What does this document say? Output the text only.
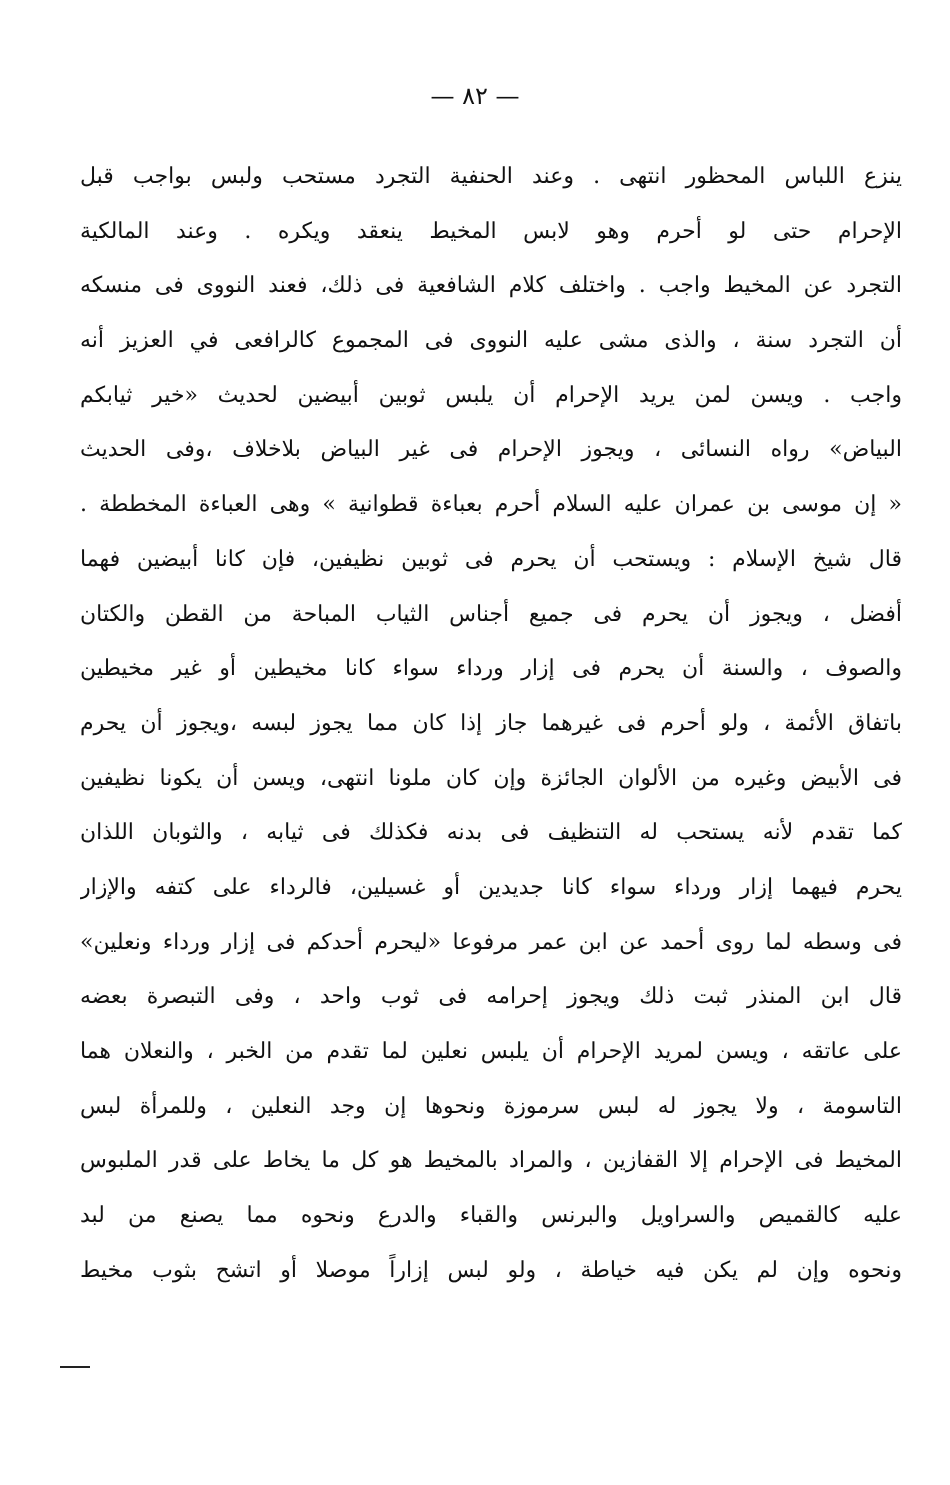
— ٨٢ —
ينزع اللباس المحظور انتهى . وعند الحنفية التجرد مستحب ولبس بواجب قبل
الإحرام حتى لو أحرم وهو لابس المخيط ينعقد ويكره . وعند المالكية
التجرد عن المخيط واجب . واختلف كلام الشافعية فى ذلك، فعند النووى فى منسكه
أن التجرد سنة ، والذى مشى عليه النووى فى المجموع كالرافعى في العزيز أنه
واجب . ويسن لمن يريد الإحرام أن يلبس ثوبين أبيضين لحديث «خير ثيابكم
البياض» رواه النسائى ، ويجوز الإحرام فى غير البياض بلاخلاف ،وفى الحديث
« إن موسى بن عمران عليه السلام أحرم بعباءة قطوانية » وهى العباءة المخططة .
قال شيخ الإسلام : ويستحب أن يحرم فى ثوبين نظيفين، فإن كانا أبيضين فهما
أفضل ، ويجوز أن يحرم فى جميع أجناس الثياب المباحة من القطن والكتان
والصوف ، والسنة أن يحرم فى إزار ورداء سواء كانا مخيطين أو غير مخيطين
باتفاق الأئمة ، ولو أحرم فى غيرهما جاز إذا كان مما يجوز لبسه ،ويجوز أن يحرم
فى الأبيض وغيره من الألوان الجائزة وإن كان ملونا انتهى، ويسن أن يكونا نظيفين
كما تقدم لأنه يستحب له التنظيف فى بدنه فكذلك فى ثيابه ، والثوبان اللذان
يحرم فيهما إزار ورداء سواء كانا جديدين أو غسيلين، فالرداء على كتفه والإزار
فى وسطه لما روى أحمد عن ابن عمر مرفوعا «ليحرم أحدكم فى إزار ورداء ونعلين»
قال ابن المنذر ثبت ذلك ويجوز إحرامه فى ثوب واحد ، وفى التبصرة بعضه
على عاتقه ، ويسن لمريد الإحرام أن يلبس نعلين لما تقدم من الخبر ، والنعلان هما
التاسومة ، ولا يجوز له لبس سرموزة ونحوها إن وجد النعلين ، وللمرأة لبس
المخيط فى الإحرام إلا القفازين ، والمراد بالمخيط هو كل ما يخاط على قدر الملبوس
عليه كالقميص والسراويل والبرنس والقباء والدرع ونحوه مما يصنع من لبد
ونحوه وإن لم يكن فيه خياطة ، ولو لبس إزاراً موصلا أو اتشح بثوب مخيط
